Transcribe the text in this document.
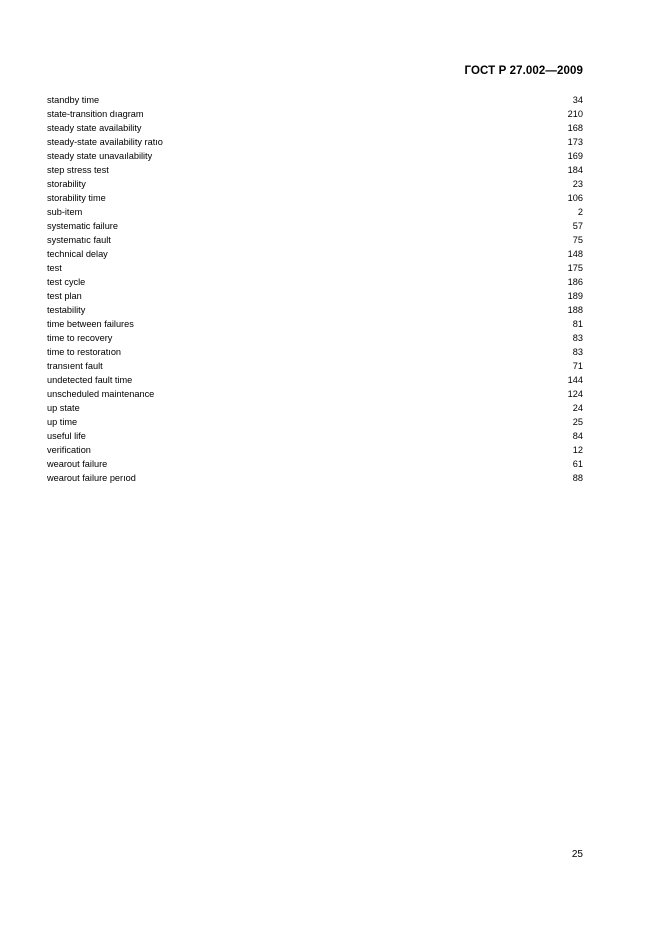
ГОСТ Р 27.002—2009
standby time	34
state-transition dıagram	210
steady state availability	168
steady-state availability ratıo	173
steady state unavaılability	169
step stress test	184
storability	23
storability time	106
sub-item	2
systematic failure	57
systematıc fault	75
technical delay	148
test	175
test cycle	186
test plan	189
testability	188
time between failures	81
time to recovery	83
time to restoratıon	83
transıent fault	71
undetected fault time	144
unscheduled maintenance	124
up state	24
up time	25
useful life	84
verification	12
wearout failure	61
wearout failure perıod	88
25
